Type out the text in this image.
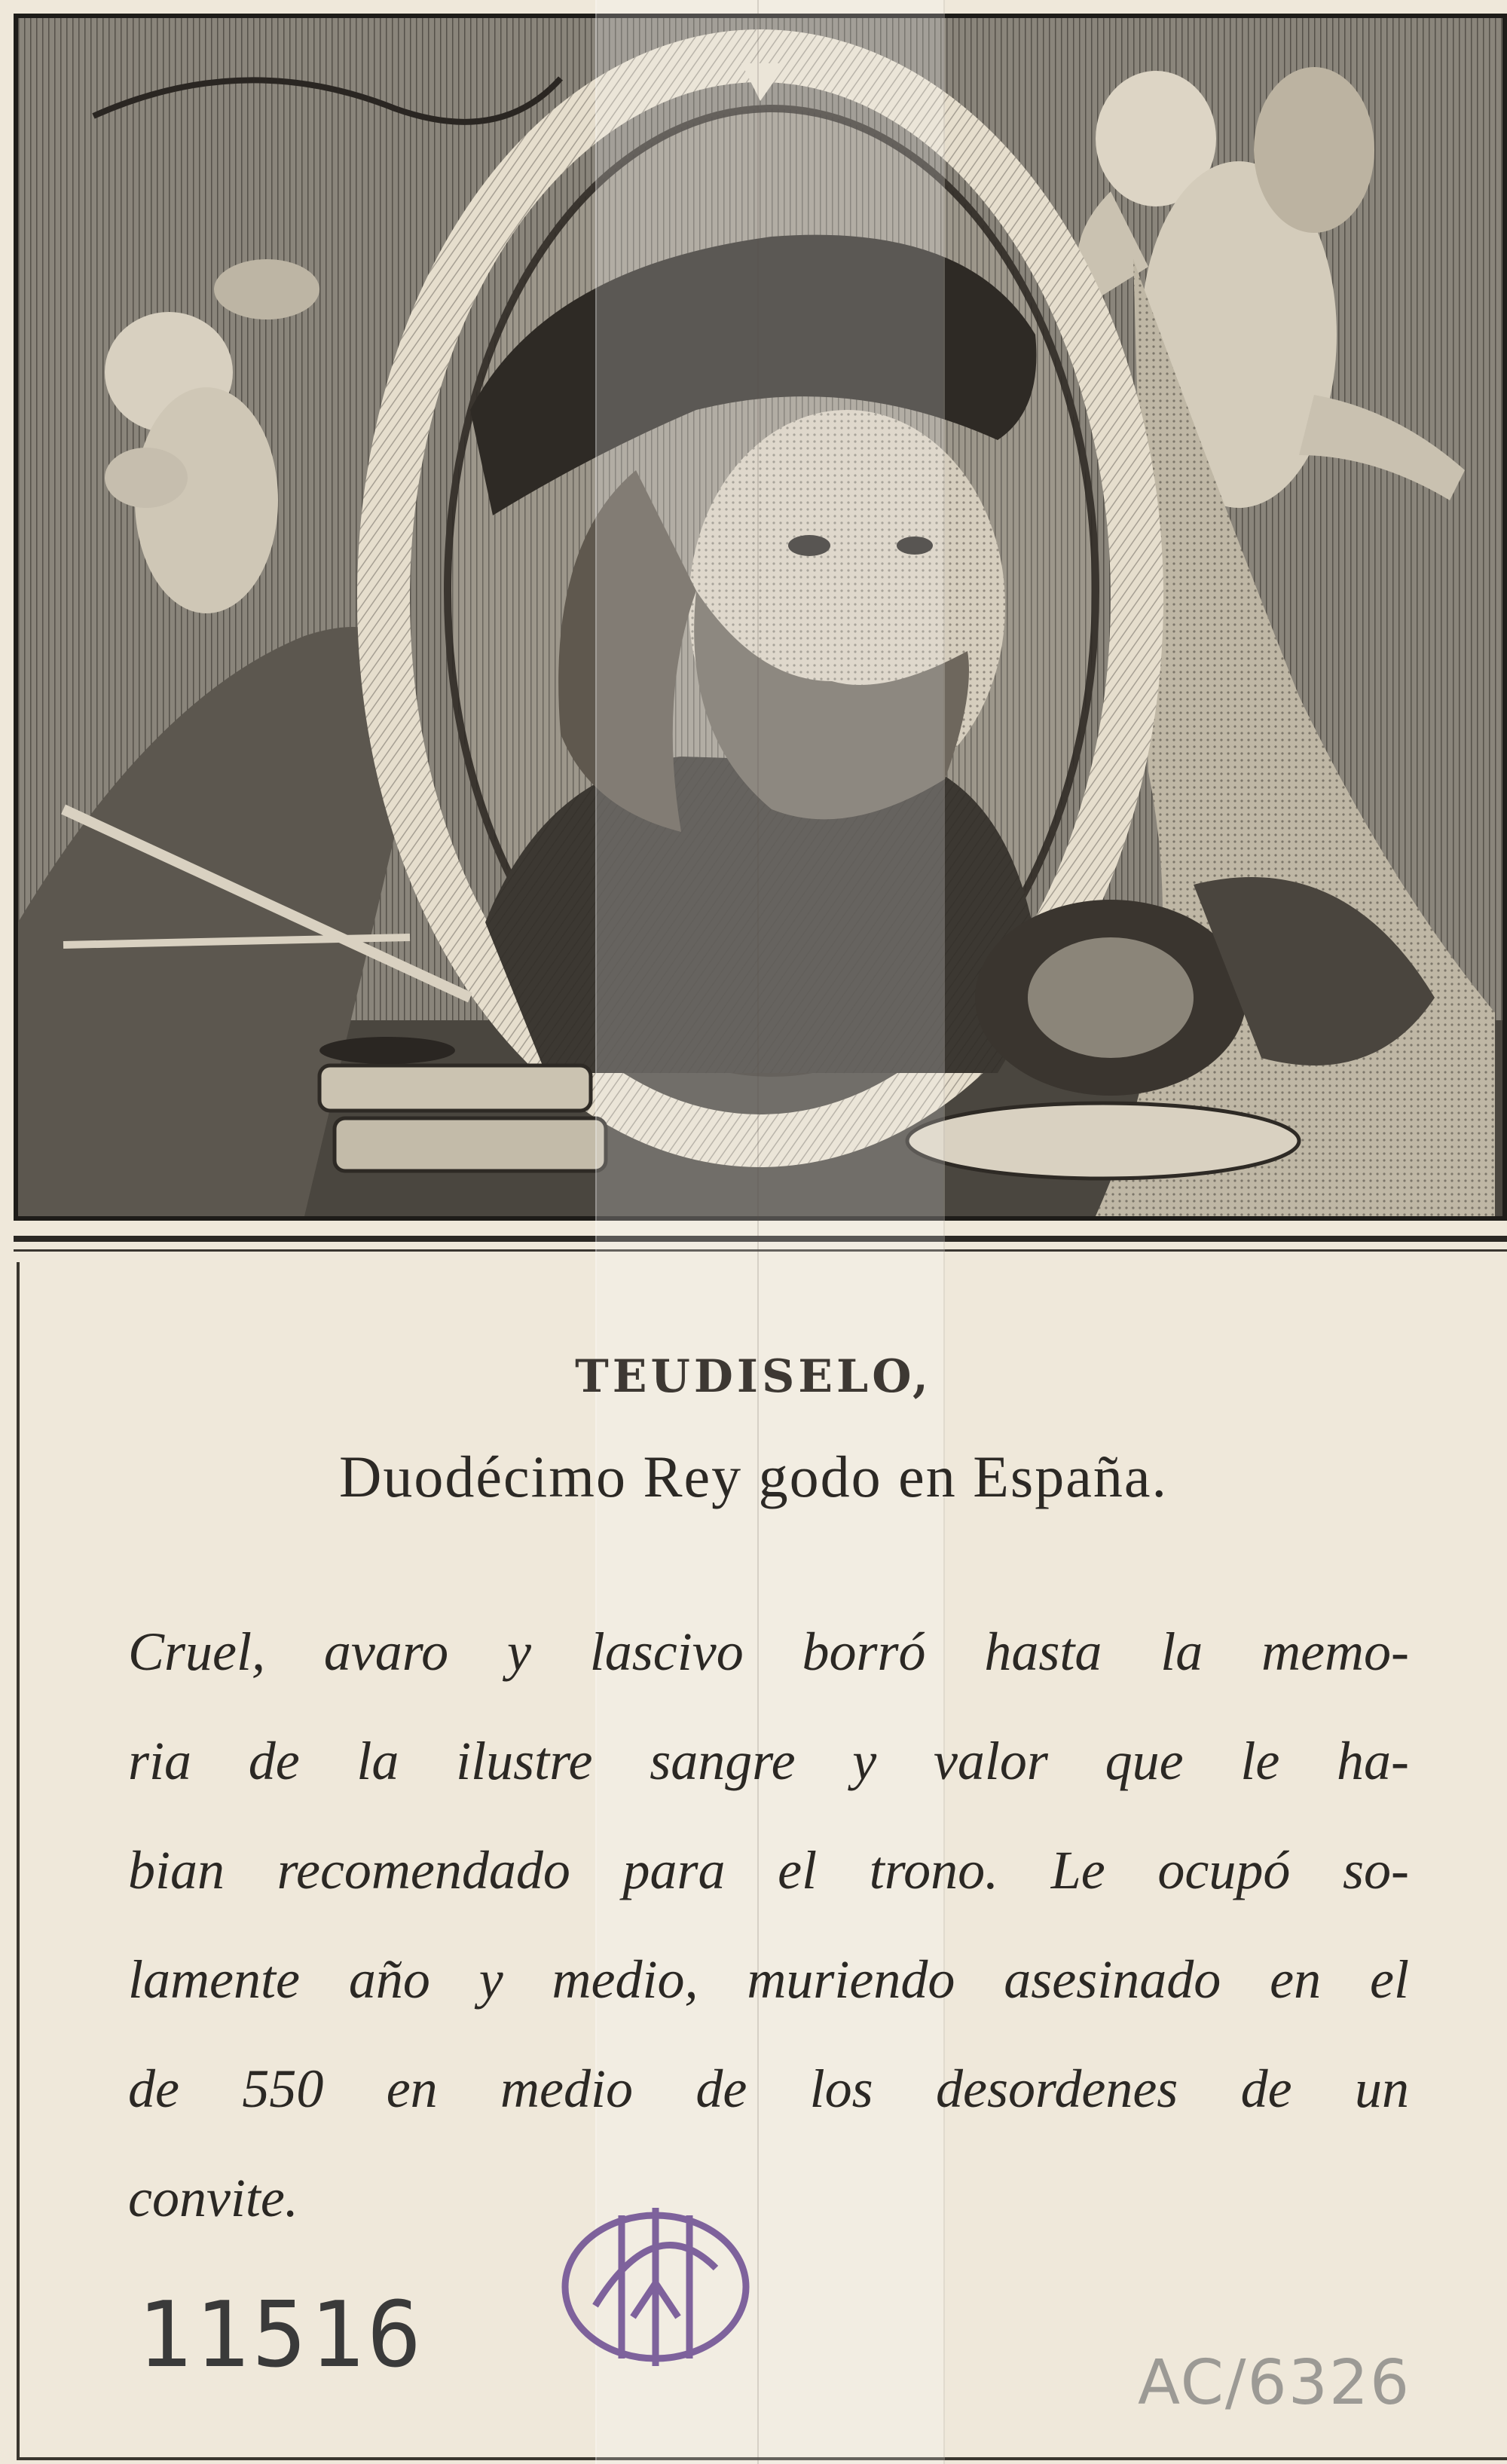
TEUDISELO,
Duodécimo Rey godo en España.
Cruel, avaro y lascivo borró hasta la memo-
ria de la ilustre sangre y valor que le ha-
bian recomendado para el trono. Le ocupó so-
lamente año y medio, muriendo asesinado en el
de 550 en medio de los desordenes de un
convite.
11516	AC/6326
